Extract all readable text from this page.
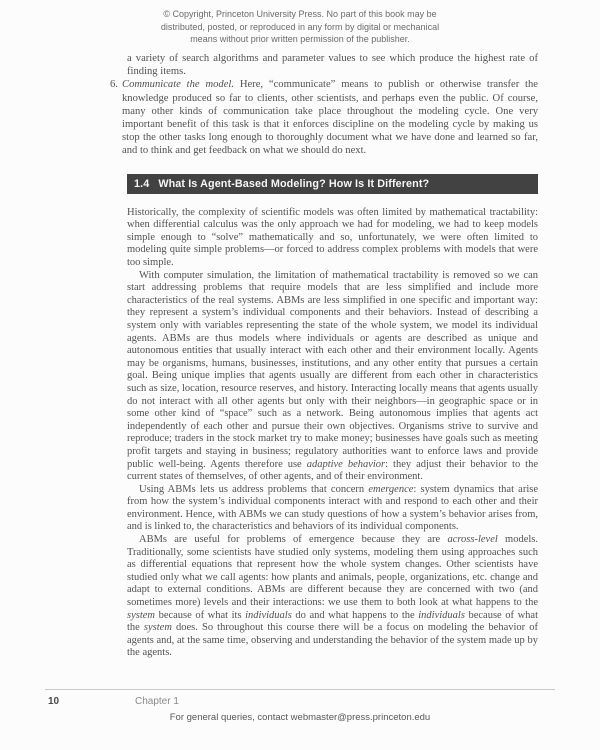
© Copyright, Princeton University Press. No part of this book may be
distributed, posted, or reproduced in any form by digital or mechanical
means without prior written permission of the publisher.

a variety of search algorithms and parameter values to see which produce the highest rate of finding items.

6. Communicate the model. Here, “communicate” means to publish or otherwise transfer the knowledge produced so far to clients, other scientists, and perhaps even the public. Of course, many other kinds of communication take place throughout the modeling cycle. One very important benefit of this task is that it enforces discipline on the modeling cycle by making us stop the other tasks long enough to thoroughly document what we have done and learned so far, and to think and get feedback on what we should do next.
1.4 What Is Agent-Based Modeling? How Is It Different?

Historically, the complexity of scientific models was often limited by mathematical tractability: when differential calculus was the only approach we had for modeling, we had to keep models simple enough to “solve” mathematically and so, unfortunately, we were often limited to modeling quite simple problems—or forced to address complex problems with models that were too simple.

With computer simulation, the limitation of mathematical tractability is removed so we can start addressing problems that require models that are less simplified and include more characteristics of the real systems. ABMs are less simplified in one specific and important way: they represent a system’s individual components and their behaviors. Instead of describing a system only with variables representing the state of the whole system, we model its individual agents. ABMs are thus models where individuals or agents are described as unique and autonomous entities that usually interact with each other and their environment locally. Agents may be organisms, humans, businesses, institutions, and any other entity that pursues a certain goal. Being unique implies that agents usually are different from each other in characteristics such as size, location, resource reserves, and history. Interacting locally means that agents usually do not interact with all other agents but only with their neighbors—in geographic space or in some other kind of “space” such as a network. Being autonomous implies that agents act independently of each other and pursue their own objectives. Organisms strive to survive and reproduce; traders in the stock market try to make money; businesses have goals such as meeting profit targets and staying in business; regulatory authorities want to enforce laws and provide public well-being. Agents therefore use adaptive behavior: they adjust their behavior to the current states of themselves, of other agents, and of their environment.

Using ABMs lets us address problems that concern emergence: system dynamics that arise from how the system’s individual components interact with and respond to each other and their environment. Hence, with ABMs we can study questions of how a system’s behavior arises from, and is linked to, the characteristics and behaviors of its individual components.

ABMs are useful for problems of emergence because they are across-level models. Traditionally, some scientists have studied only systems, modeling them using approaches such as differential equations that represent how the whole system changes. Other scientists have studied only what we call agents: how plants and animals, people, organizations, etc. change and adapt to external conditions. ABMs are different because they are concerned with two (and sometimes more) levels and their interactions: we use them to both look at what happens to the system because of what its individuals do and what happens to the individuals because of what the system does. So throughout this course there will be a focus on modeling the behavior of agents and, at the same time, observing and understanding the behavior of the system made up by the agents.

10	Chapter 1
For general queries, contact webmaster@press.princeton.edu
